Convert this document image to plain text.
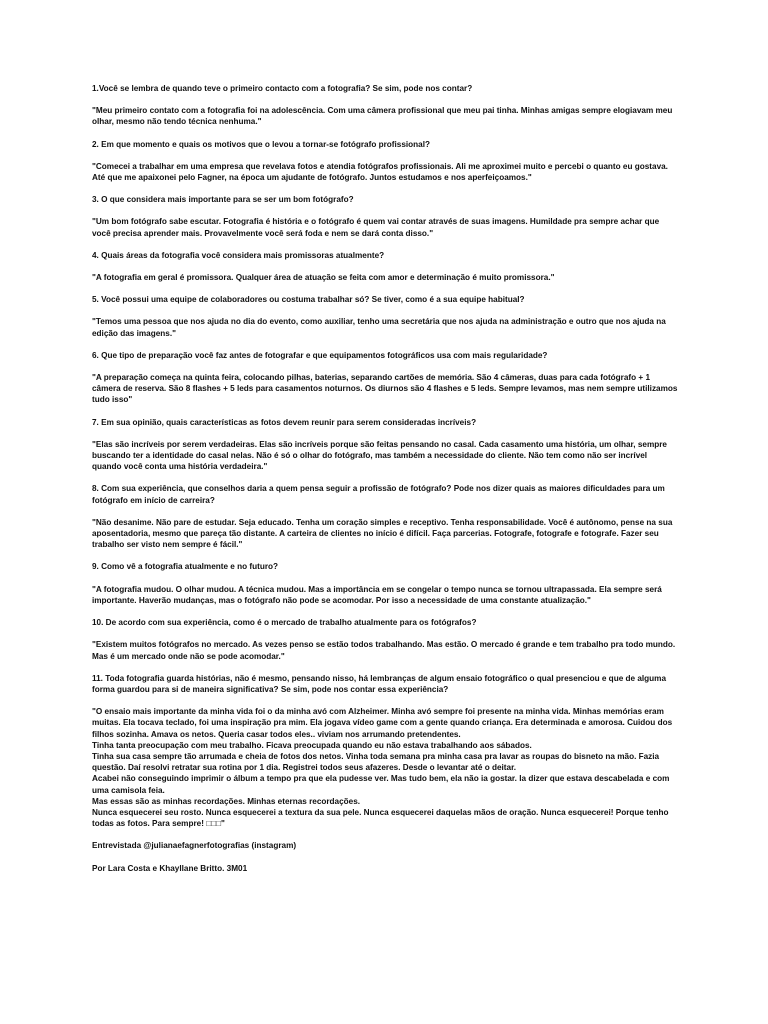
1.Você se lembra de quando teve o primeiro contacto com a fotografia? Se sim, pode nos contar?

"Meu primeiro contato com a fotografia foi na adolescência. Com uma câmera profissional que meu pai tinha. Minhas amigas sempre elogiavam meu olhar, mesmo não tendo técnica nenhuma."

2. Em que momento e quais os motivos que o levou a tornar-se fotógrafo profissional?

"Comecei a trabalhar em uma empresa que revelava fotos e atendia fotógrafos profissionais. Ali me aproximei muito e percebi o quanto eu gostava. Até que me apaixonei pelo Fagner, na época um ajudante de fotógrafo. Juntos estudamos e nos aperfeiçoamos."

3. O que considera mais importante para se ser um bom fotógrafo?

"Um bom fotógrafo sabe escutar. Fotografia é história e o fotógrafo é quem vai contar através de suas imagens. Humildade pra sempre achar que você precisa aprender mais. Provavelmente você será foda e nem se dará conta disso."

4. Quais áreas da fotografia você considera mais promissoras atualmente?

"A fotografia em geral é promissora. Qualquer área de atuação se feita com amor e determinação é muito promissora."

5. Você possui uma equipe de colaboradores ou costuma trabalhar só? Se tiver, como é a sua equipe habitual?

"Temos uma pessoa que nos ajuda no dia do evento, como auxiliar, tenho uma secretária que nos ajuda na administração e outro que nos ajuda na edição das imagens."

6. Que tipo de preparação você faz antes de fotografar e que equipamentos fotográficos usa com mais regularidade?

"A preparação começa na quinta feira, colocando pilhas, baterias, separando cartões de memória. São 4 câmeras, duas para cada fotógrafo + 1 câmera de reserva. São 8 flashes + 5 leds para casamentos noturnos. Os diurnos são 4 flashes e 5 leds. Sempre levamos, mas nem sempre utilizamos tudo isso"

7. Em sua opinião, quais características as fotos devem reunir para serem consideradas incríveis?

"Elas são incríveis por serem verdadeiras. Elas são incríveis porque são feitas pensando no casal. Cada casamento uma história, um olhar, sempre buscando ter a identidade do casal nelas. Não é só o olhar do fotógrafo, mas também a necessidade do cliente. Não tem como não ser incrível quando você conta uma história verdadeira."

8. Com sua experiência, que conselhos daria a quem pensa seguir a profissão de fotógrafo? Pode nos dizer quais as maiores dificuldades para um fotógrafo em início de carreira?

"Não desanime. Não pare de estudar. Seja educado. Tenha um coração simples e receptivo. Tenha responsabilidade. Você é autônomo, pense na sua aposentadoria, mesmo que pareça tão distante. A carteira de clientes no início é difícil. Faça parcerias. Fotografe, fotografe e fotografe. Fazer seu trabalho ser visto nem sempre é fácil."

9. Como vê a fotografia atualmente e no futuro?

"A fotografia mudou. O olhar mudou. A técnica mudou. Mas a importância em se congelar o tempo nunca se tornou ultrapassada. Ela sempre será importante. Haverão mudanças, mas o fotógrafo não pode se acomodar. Por isso a necessidade de uma constante atualização."

10. De acordo com sua experiência, como é o mercado de trabalho atualmente para os fotógrafos?

"Existem muitos fotógrafos no mercado. As vezes penso se estão todos trabalhando. Mas estão. O mercado é grande e tem trabalho pra todo mundo. Mas é um mercado onde não se pode acomodar."

11. Toda fotografia guarda histórias, não é mesmo, pensando nisso, há lembranças de algum ensaio fotográfico o qual presenciou e que de alguma forma guardou para si de maneira significativa? Se sim, pode nos contar essa experiência?

"O ensaio mais importante da minha vida foi o da minha avó com Alzheimer. Minha avó sempre foi presente na minha vida. Minhas memórias eram muitas. Ela tocava teclado, foi uma inspiração pra mim. Ela jogava vídeo game com a gente quando criança. Era determinada e amorosa. Cuidou dos filhos sozinha. Amava os netos. Queria casar todos eles.. viviam nos arrumando pretendentes.
Tinha tanta preocupação com meu trabalho. Ficava preocupada quando eu não estava trabalhando aos sábados.
Tinha sua casa sempre tão arrumada e cheia de fotos dos netos. Vinha toda semana pra minha casa pra lavar as roupas do bisneto na mão. Fazia questão. Daí resolvi retratar sua rotina por 1 dia. Registrei todos seus afazeres. Desde o levantar até o deitar.
Acabei não conseguindo imprimir o álbum a tempo pra que ela pudesse ver. Mas tudo bem, ela não ia gostar. Ia dizer que estava descabelada e com uma camisola feia.
Mas essas são as minhas recordações. Minhas eternas recordações.
Nunca esquecerei seu rosto. Nunca esquecerei a textura da sua pele. Nunca esquecerei daquelas mãos de oração. Nunca esquecerei! Porque tenho todas as fotos. Para sempre! □□□"

Entrevistada @julianaefagnerfotografias (instagram)

Por Lara Costa e Khayllane Britto. 3M01
